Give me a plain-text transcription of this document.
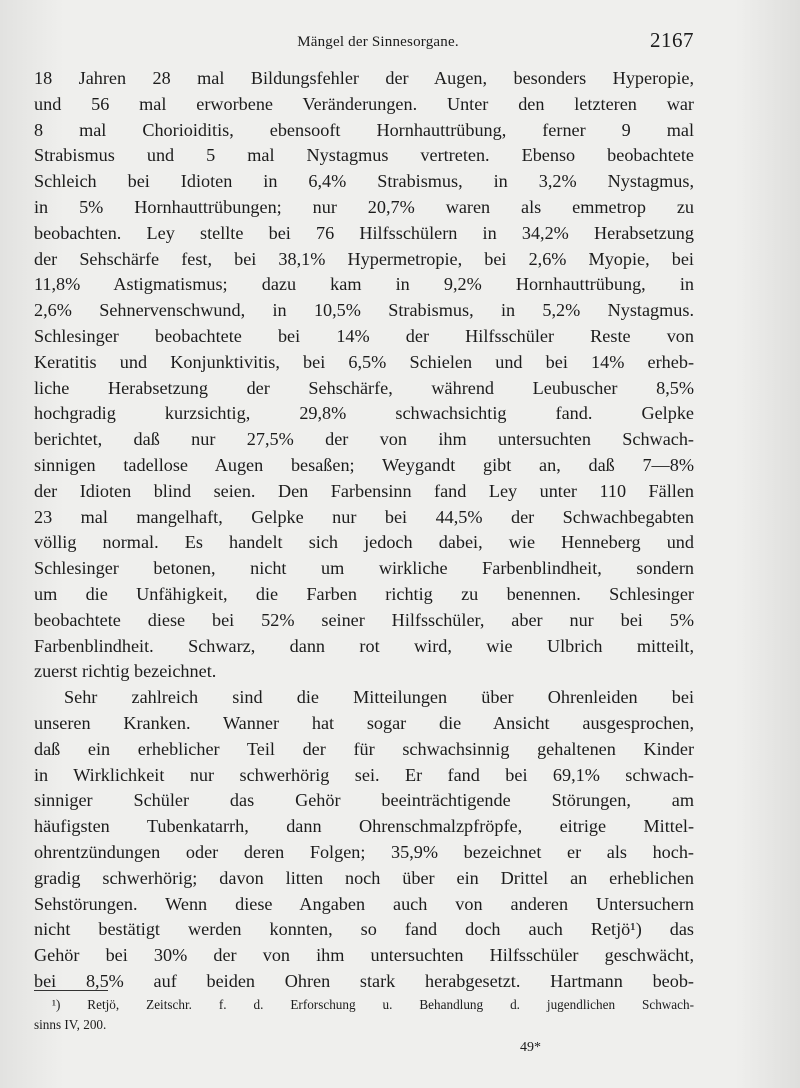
Mängel der Sinnesorgane.	2167
18 Jahren 28 mal Bildungsfehler der Augen, besonders Hyperopie,
und 56 mal erworbene Veränderungen. Unter den letzteren war
8 mal Chorioiditis, ebensooft Hornhauttrübung, ferner 9 mal
Strabismus und 5 mal Nystagmus vertreten. Ebenso beobachtete
Schleich bei Idioten in 6,4% Strabismus, in 3,2% Nystagmus,
in 5% Hornhauttrübungen; nur 20,7% waren als emmetrop zu
beobachten. Ley stellte bei 76 Hilfsschülern in 34,2% Herabsetzung
der Sehschärfe fest, bei 38,1% Hypermetropie, bei 2,6% Myopie, bei
11,8% Astigmatismus; dazu kam in 9,2% Hornhauttrübung, in
2,6% Sehnervenschwund, in 10,5% Strabismus, in 5,2% Nystagmus.
Schlesinger beobachtete bei 14% der Hilfsschüler Reste von
Keratitis und Konjunktivitis, bei 6,5% Schielen und bei 14% erheb-
liche Herabsetzung der Sehschärfe, während Leubuscher 8,5%
hochgradig kurzsichtig, 29,8% schwachsichtig fand. Gelpke
berichtet, daß nur 27,5% der von ihm untersuchten Schwach-
sinnigen tadellose Augen besaßen; Weygandt gibt an, daß 7—8%
der Idioten blind seien. Den Farbensinn fand Ley unter 110 Fällen
23 mal mangelhaft, Gelpke nur bei 44,5% der Schwachbegabten
völlig normal. Es handelt sich jedoch dabei, wie Henneberg und
Schlesinger betonen, nicht um wirkliche Farbenblindheit, sondern
um die Unfähigkeit, die Farben richtig zu benennen. Schlesinger
beobachtete diese bei 52% seiner Hilfsschüler, aber nur bei 5%
Farbenblindheit. Schwarz, dann rot wird, wie Ulbrich mitteilt,
zuerst richtig bezeichnet.
Sehr zahlreich sind die Mitteilungen über Ohrenleiden bei
unseren Kranken. Wanner hat sogar die Ansicht ausgesprochen,
daß ein erheblicher Teil der für schwachsinnig gehaltenen Kinder
in Wirklichkeit nur schwerhörig sei. Er fand bei 69,1% schwach-
sinniger Schüler das Gehör beeinträchtigende Störungen, am
häufigsten Tubenkatarrh, dann Ohrenschmalzpfröpfe, eitrige Mittel-
ohrentzündungen oder deren Folgen; 35,9% bezeichnet er als hoch-
gradig schwerhörig; davon litten noch über ein Drittel an erheblichen
Sehstörungen. Wenn diese Angaben auch von anderen Untersuchern
nicht bestätigt werden konnten, so fand doch auch Retjö¹) das
Gehör bei 30% der von ihm untersuchten Hilfsschüler geschwächt,
bei 8,5% auf beiden Ohren stark herabgesetzt. Hartmann beob-
¹) Retjö, Zeitschr. f. d. Erforschung u. Behandlung d. jugendlichen Schwach-
sinns IV, 200.
49*
